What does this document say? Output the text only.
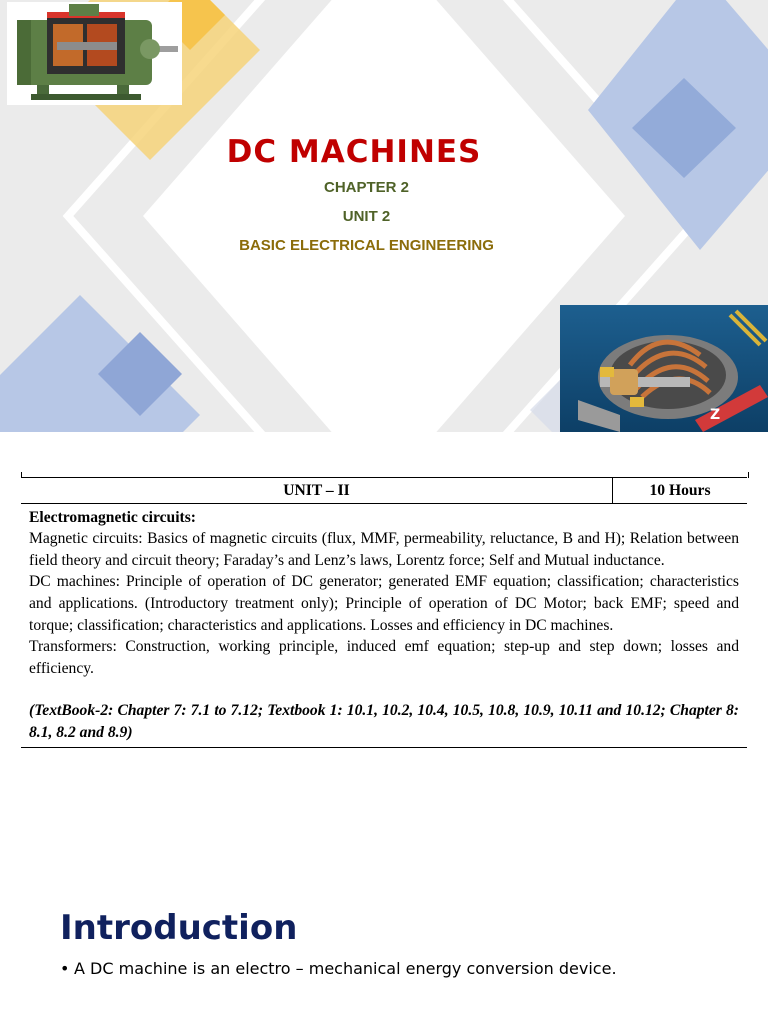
Z
DC MACHINES
CHAPTER 2
UNIT 2
BASIC ELECTRICAL ENGINEERING
UNIT – II	10 Hours

Electromagnetic circuits:

Magnetic circuits: Basics of magnetic circuits (flux, MMF, permeability, reluctance, B and H); Relation between field theory and circuit theory; Faraday’s and Lenz’s laws, Lorentz force; Self and Mutual inductance.

DC machines: Principle of operation of DC generator; generated EMF equation; classification; characteristics and applications. (Introductory treatment only); Principle of operation of DC Motor; back EMF; speed and torque; classification; characteristics and applications. Losses and efficiency in DC machines.

Transformers: Construction, working principle, induced emf equation; step-up and step down; losses and efficiency.

(TextBook-2: Chapter 7: 7.1 to 7.12; Textbook 1: 10.1, 10.2, 10.4, 10.5, 10.8, 10.9, 10.11 and 10.12; Chapter 8: 8.1, 8.2 and 8.9)

Introduction
• A DC machine is an electro – mechanical energy conversion device.
